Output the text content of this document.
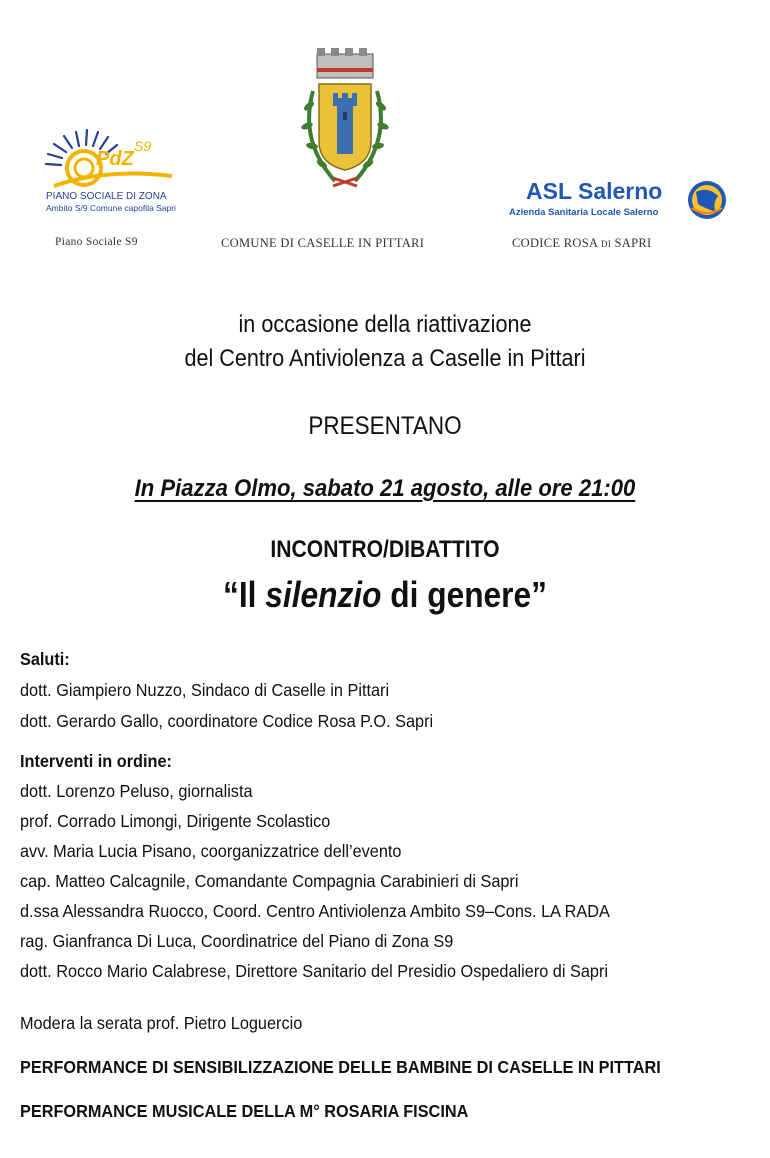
PdZ
S9
PIANO SOCIALE DI ZONA
Ambito S/9 Comune capofila Sapri
ASL Salerno
Azienda Sanitaria Locale Salerno
Piano Sociale S9	COMUNE DI CASELLE IN PITTARI	CODICE ROSA di SAPRI
in occasione della riattivazione
del Centro Antiviolenza a Caselle in Pittari
PRESENTANO
In Piazza Olmo, sabato 21 agosto, alle ore 21:00
INCONTRO/DIBATTITO
“Il silenzio di genere”
Saluti:
dott. Giampiero Nuzzo, Sindaco di Caselle in Pittari
dott. Gerardo Gallo, coordinatore Codice Rosa P.O. Sapri
Interventi in ordine:
dott. Lorenzo Peluso, giornalista
prof. Corrado Limongi, Dirigente Scolastico
avv. Maria Lucia Pisano, coorganizzatrice dell’evento
cap. Matteo Calcagnile, Comandante Compagnia Carabinieri di Sapri
d.ssa Alessandra Ruocco, Coord. Centro Antiviolenza Ambito S9–Cons. LA RADA
rag. Gianfranca Di Luca, Coordinatrice del Piano di Zona S9
dott. Rocco Mario Calabrese, Direttore Sanitario del Presidio Ospedaliero di Sapri
Modera la serata prof. Pietro Loguercio
PERFORMANCE DI SENSIBILIZZAZIONE DELLE BAMBINE DI CASELLE IN PITTARI
PERFORMANCE MUSICALE DELLA M° ROSARIA FISCINA
